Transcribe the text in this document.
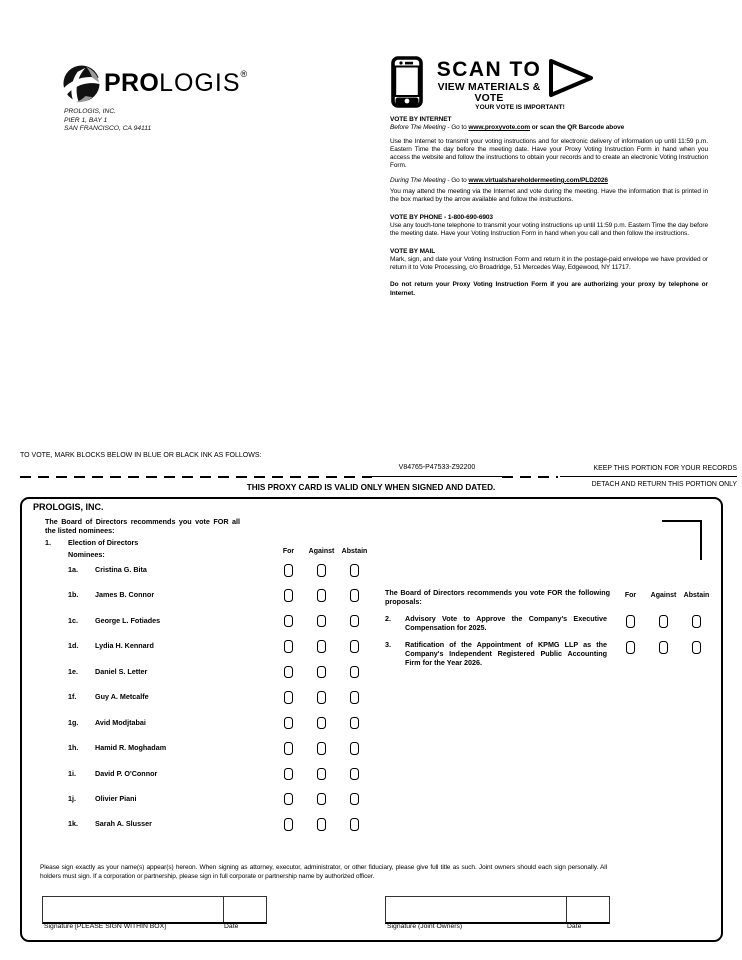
PROLOGIS®
PROLOGIS, INC.
PIER 1, BAY 1
SAN FRANCISCO, CA 94111
SCAN TO
VIEW MATERIALS & VOTE
YOUR VOTE IS IMPORTANT!
VOTE BY INTERNET

Before The Meeting - Go to www.proxyvote.com or scan the QR Barcode above

Use the Internet to transmit your voting instructions and for electronic delivery of information up until 11:59 p.m. Eastern Time the day before the meeting date. Have your Proxy Voting Instruction Form in hand when you access the website and follow the instructions to obtain your records and to create an electronic Voting Instruction Form.

During The Meeting - Go to www.virtualshareholdermeeting.com/PLD2026

You may attend the meeting via the Internet and vote during the meeting. Have the information that is printed in the box marked by the arrow available and follow the instructions.

VOTE BY PHONE - 1-800-690-6903

Use any touch-tone telephone to transmit your voting instructions up until 11:59 p.m. Eastern Time the day before the meeting date. Have your Voting Instruction Form in hand when you call and then follow the instructions.

VOTE BY MAIL

Mark, sign, and date your Voting Instruction Form and return it in the postage-paid envelope we have provided or return it to Vote Processing, c/o Broadridge, 51 Mercedes Way, Edgewood, NY 11717.

Do not return your Proxy Voting Instruction Form if you are authorizing your proxy by telephone or Internet.

TO VOTE, MARK BLOCKS BELOW IN BLUE OR BLACK INK AS FOLLOWS:
V84765-P47533-Z92200	KEEP THIS PORTION FOR YOUR RECORDS
THIS PROXY CARD IS VALID ONLY WHEN SIGNED AND DATED.	DETACH AND RETURN THIS PORTION ONLY
PROLOGIS, INC.
The Board of Directors recommends you vote FOR all the listed nominees:
1. Election of Directors
Nominees:	For Against Abstain
1a.	Cristina G. Bita
1b.	James B. Connor
1c.	George L. Fotiades
1d.	Lydia H. Kennard
1e.	Daniel S. Letter
1f.	Guy A. Metcalfe
1g.	Avid Modjtabai
1h.	Hamid R. Moghadam
1i.	David P. O'Connor
1j.	Olivier Piani
1k.	Sarah A. Slusser
The Board of Directors recommends you vote FOR the following proposals:
For Against Abstain
2.	Advisory Vote to Approve the Company's Executive Compensation for 2025.
3.	Ratification of the Appointment of KPMG LLP as the Company's Independent Registered Public Accounting Firm for the Year 2026.
Please sign exactly as your name(s) appear(s) hereon. When signing as attorney, executor, administrator, or other fiduciary, please give full title as such. Joint owners should each sign personally. All holders must sign. If a corporation or partnership, please sign in full corporate or partnership name by authorized officer.
Signature [PLEASE SIGN WITHIN BOX]	Date	Signature (Joint Owners)	Date
